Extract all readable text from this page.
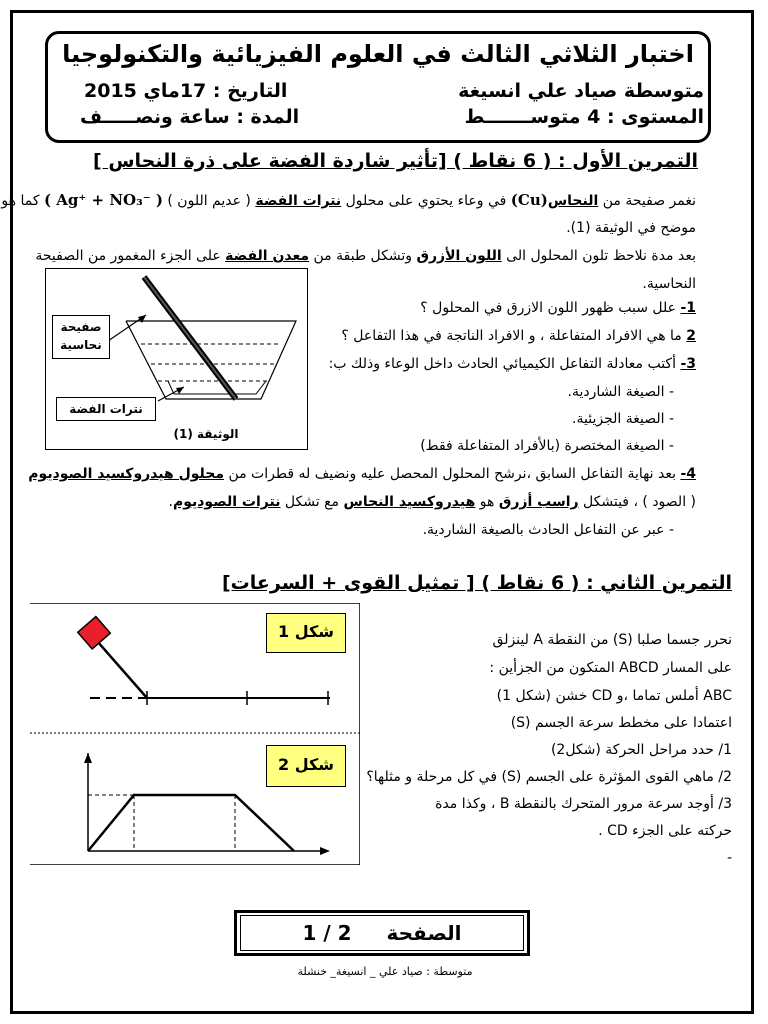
اختبار الثلاثي الثالث في العلوم الفيزيائية والتكنولوجيا
متوسطة صياد علي انسيغة
التاريخ : 17ماي 2015
المستوى : 4 متوســـــــط
المدة : ساعة ونصـــــف
التمرين الأول : ( 6 نقاط ) [تأثير شاردة الفضة على ذرة النحاس ]
نغمر صفيحة من النحاس(Cu) في وعاء يحتوي على محلول نترات الفضة ( عديم اللون ) ( Ag⁺ + NO₃⁻ ) كما هو
موضح في الوثيقة (1).
بعد مدة نلاحظ تلون المحلول الى اللون الأزرق وتشكل طبقة من معدن الفضة على الجزء المغمور من الصفيحة
النحاسية.
1- علل سبب ظهور اللون الازرق في المحلول ؟
2 ما هي الافراد المتفاعلة ، و الافراد الناتجة في هذا التفاعل ؟
3- أكتب معادلة التفاعل الكيميائي الحادث داخل الوعاء وذلك ب:
- الصيغة الشاردية.
- الصيغة الجزيئية.
- الصيغة المختصرة (بالأفراد المتفاعلة فقط)
4- بعد نهاية التفاعل السابق ،نرشح المحلول المحصل عليه ونضيف له قطرات من محلول هيدروكسيد الصوديوم
( الصود ) ، فيتشكل راسب أزرق هو هيدروكسيد النحاس مع تشكل نترات الصوديوم.
- عبر عن التفاعل الحادث بالصيغة الشاردية.
صفيحة نحاسية
نترات الفضة
الوثيقة (1)
التمرين الثاني : ( 6 نقاط ) [ تمثيل القوى + السرعات]
نحرر جسما صلبا (S) من النقطة A لينزلق
على المسار ABCD المتكون من الجزأين :
ABC أملس تماما ،و CD خشن (شكل 1)
اعتمادا على مخطط سرعة الجسم (S)
1/ حدد مراحل الحركة (شكل2)
2/ ماهي القوى المؤثرة على الجسم (S) في كل مرحلة و مثلها؟
3/ أوجد سرعة مرور المتحرك بالنقطة B ، وكذا مدة
حركته على الجزء CD .
-
شكل 1
شكل 2
1 / 2 الصفحة
متوسطة : صياد علي _ انسيغة_ خنشلة
